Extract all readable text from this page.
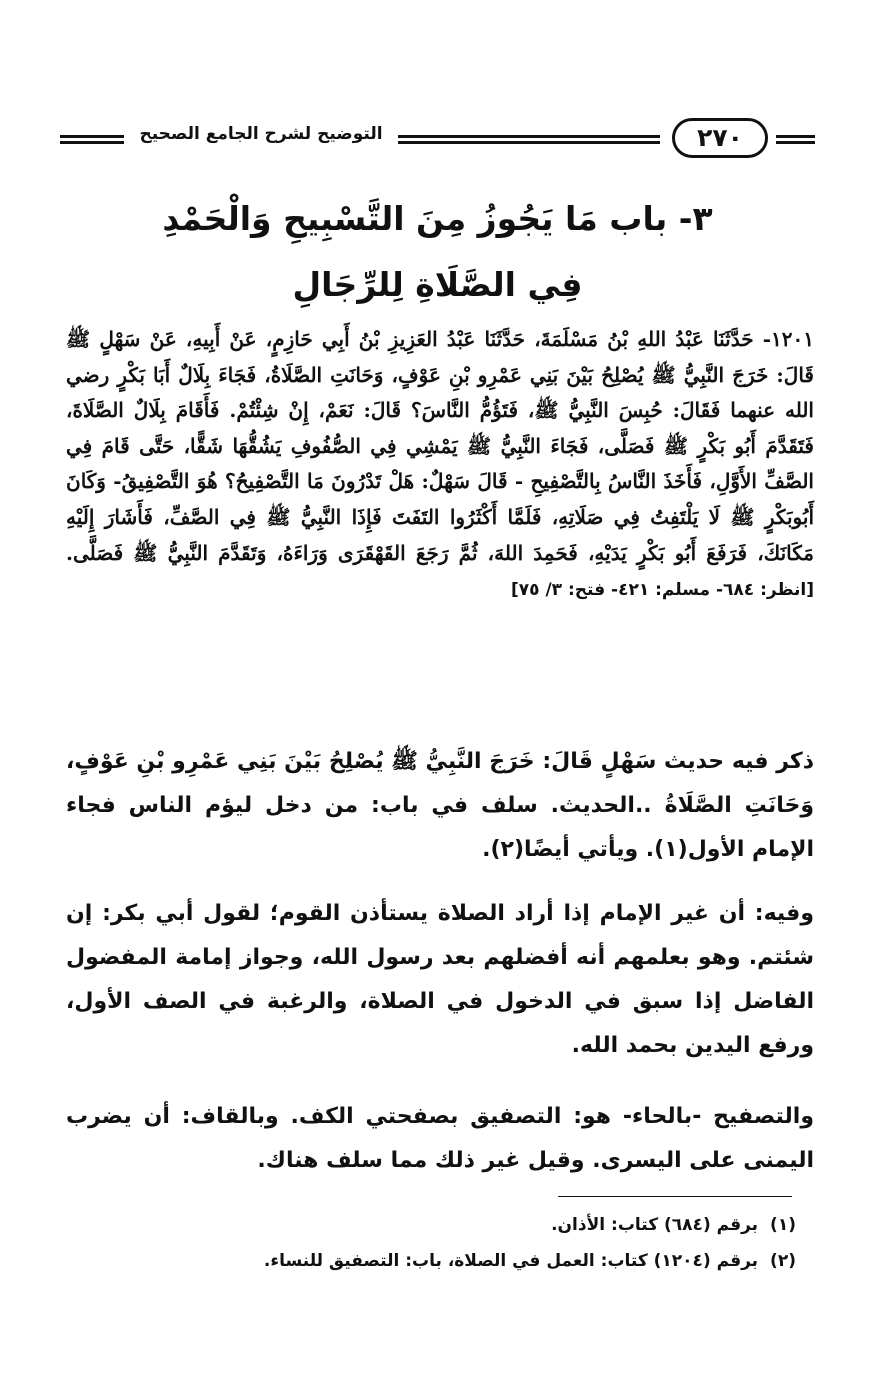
التوضيح لشرح الجامع الصحيح	٢٧٠
٣- باب مَا يَجُوزُ مِنَ التَّسْبِيحِ وَالْحَمْدِ
فِي الصَّلَاةِ لِلرِّجَالِ

١٢٠١- حَدَّثَنَا عَبْدُ اللهِ بْنُ مَسْلَمَةَ، حَدَّثَنَا عَبْدُ العَزِيزِ بْنُ أَبِي حَازِمٍ، عَنْ أَبِيهِ، عَنْ سَهْلٍ ﷺ قَالَ: خَرَجَ النَّبِيُّ ﷺ يُصْلِحُ بَيْنَ بَنِي عَمْرِو بْنِ عَوْفٍ، وَحَانَتِ الصَّلَاةُ، فَجَاءَ بِلَالٌ أَبَا بَكْرٍ رضي الله عنهما فَقَالَ: حُبِسَ النَّبِيُّ ﷺ، فَتَؤُمُّ النَّاسَ؟ قَالَ: نَعَمْ، إِنْ شِئْتُمْ. فَأَقَامَ بِلَالٌ الصَّلَاةَ، فَتَقَدَّمَ أَبُو بَكْرٍ ﷺ فَصَلَّى، فَجَاءَ النَّبِيُّ ﷺ يَمْشِي فِي الصُّفُوفِ يَشُقُّهَا شَقًّا، حَتَّى قَامَ فِي الصَّفِّ الأَوَّلِ، فَأَخَذَ النَّاسُ بِالتَّصْفِيحِ - قَالَ سَهْلٌ: هَلْ تَدْرُونَ مَا التَّصْفِيحُ؟ هُوَ التَّصْفِيقُ- وَكَانَ أَبُوبَكْرٍ ﷺ لَا يَلْتَفِتُ فِي صَلَاتِهِ، فَلَمَّا أَكْثَرُوا التَفَتَ فَإِذَا النَّبِيُّ ﷺ فِي الصَّفِّ، فَأَشَارَ إِلَيْهِ مَكَانَكَ، فَرَفَعَ أَبُو بَكْرٍ يَدَيْهِ، فَحَمِدَ اللهَ، ثُمَّ رَجَعَ القَهْقَرَى وَرَاءَهُ، وَتَقَدَّمَ النَّبِيُّ ﷺ فَصَلَّى. [انظر: ٦٨٤- مسلم: ٤٢١- فتح: ٣/ ٧٥]

ذكر فيه حديث سَهْلٍ قَالَ: خَرَجَ النَّبِيُّ ﷺ يُصْلِحُ بَيْنَ بَنِي عَمْرِو بْنِ عَوْفٍ، وَحَانَتِ الصَّلَاةُ ..الحديث. سلف في باب: من دخل ليؤم الناس فجاء الإمام الأول(١). ويأتي أيضًا(٢).

وفيه: أن غير الإمام إذا أراد الصلاة يستأذن القوم؛ لقول أبي بكر: إن شئتم. وهو بعلمهم أنه أفضلهم بعد رسول الله، وجواز إمامة المفضول الفاضل إذا سبق في الدخول في الصلاة، والرغبة في الصف الأول، ورفع اليدين بحمد الله.

والتصفيح -بالحاء- هو: التصفيق بصفحتي الكف. وبالقاف: أن يضرب اليمنى على اليسرى. وقيل غير ذلك مما سلف هناك.

(١)برقم (٦٨٤) كتاب: الأذان.
(٢)برقم (١٢٠٤) كتاب: العمل في الصلاة، باب: التصفيق للنساء.
